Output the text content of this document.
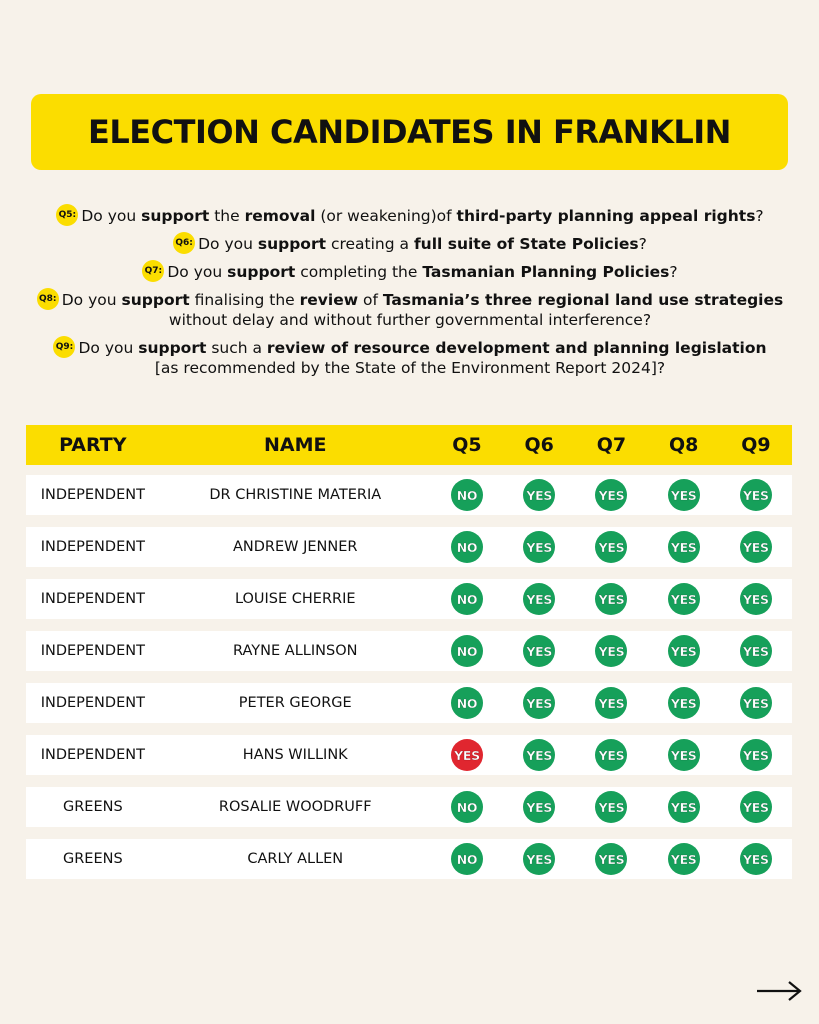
ELECTION CANDIDATES IN FRANKLIN
Q5: Do you support the removal (or weakening)of third-party planning appeal rights?
Q6: Do you support creating a full suite of State Policies?
Q7: Do you support completing the Tasmanian Planning Policies?
Q8: Do you support finalising the review of Tasmania’s three regional land use strategies
without delay and without further governmental interference?
Q9: Do you support such a review of resource development and planning legislation
[as recommended by the State of the Environment Report 2024]?
PARTY	NAME	Q5	Q6	Q7	Q8	Q9
INDEPENDENT	DR CHRISTINE MATERIA	NO	YES	YES	YES	YES
INDEPENDENT	ANDREW JENNER	NO	YES	YES	YES	YES
INDEPENDENT	LOUISE CHERRIE	NO	YES	YES	YES	YES
INDEPENDENT	RAYNE ALLINSON	NO	YES	YES	YES	YES
INDEPENDENT	PETER GEORGE	NO	YES	YES	YES	YES
INDEPENDENT	HANS WILLINK	YES	YES	YES	YES	YES
GREENS	ROSALIE WOODRUFF	NO	YES	YES	YES	YES
GREENS	CARLY ALLEN	NO	YES	YES	YES	YES
